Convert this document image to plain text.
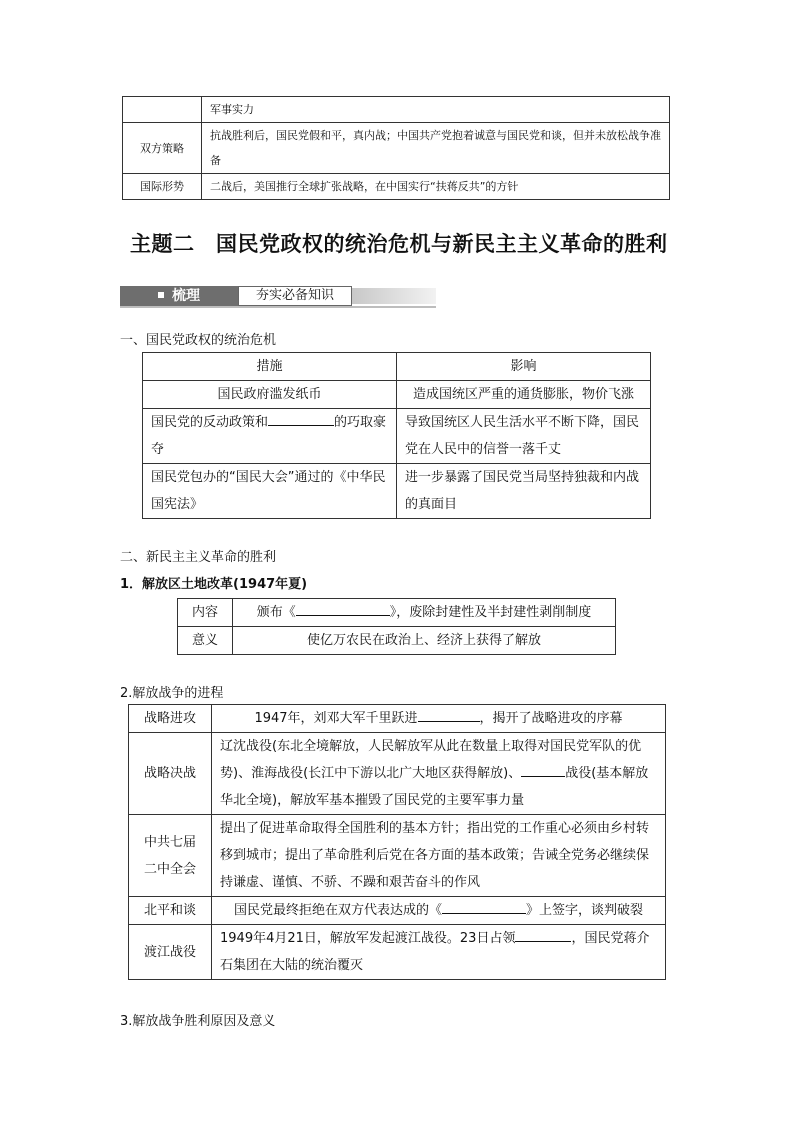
	军事实力
双方策略	抗战胜利后，国民党假和平，真内战；中国共产党抱着诚意与国民党和谈，但并未放松战争准备
国际形势	二战后，美国推行全球扩张战略，在中国实行“扶蒋反共”的方针
主题二　国民党政权的统治危机与新民主主义革命的胜利
梳理	夯实必备知识
一、国民党政权的统治危机
措施	影响
国民政府滥发纸币	造成国统区严重的通货膨胀，物价飞涨
国民党的反动政策和 的巧取豪夺	导致国统区人民生活水平不断下降，国民党在人民中的信誉一落千丈
国民党包办的“国民大会”通过的《中华民国宪法》	进一步暴露了国民党当局坚持独裁和内战的真面目
二、新民主主义革命的胜利
1．解放区土地改革(1947年夏)
内容	颁布《 》，废除封建性及半封建性剥削制度
意义	使亿万农民在政治上、经济上获得了解放
2.解放战争的进程
战略进攻	1947年，刘邓大军千里跃进 ，揭开了战略进攻的序幕
战略决战	辽沈战役(东北全境解放，人民解放军从此在数量上取得对国民党军队的优势)、淮海战役(长江中下游以北广大地区获得解放)、 战役(基本解放华北全境)，解放军基本摧毁了国民党的主要军事力量
中共七届
二中全会	提出了促进革命取得全国胜利的基本方针；指出党的工作重心必须由乡村转移到城市；提出了革命胜利后党在各方面的基本政策；告诫全党务必继续保持谦虚、谨慎、不骄、不躁和艰苦奋斗的作风
北平和谈	国民党最终拒绝在双方代表达成的《 》上签字，谈判破裂
渡江战役	1949年4月21日，解放军发起渡江战役。23日占领 ，国民党蒋介石集团在大陆的统治覆灭
3.解放战争胜利原因及意义
